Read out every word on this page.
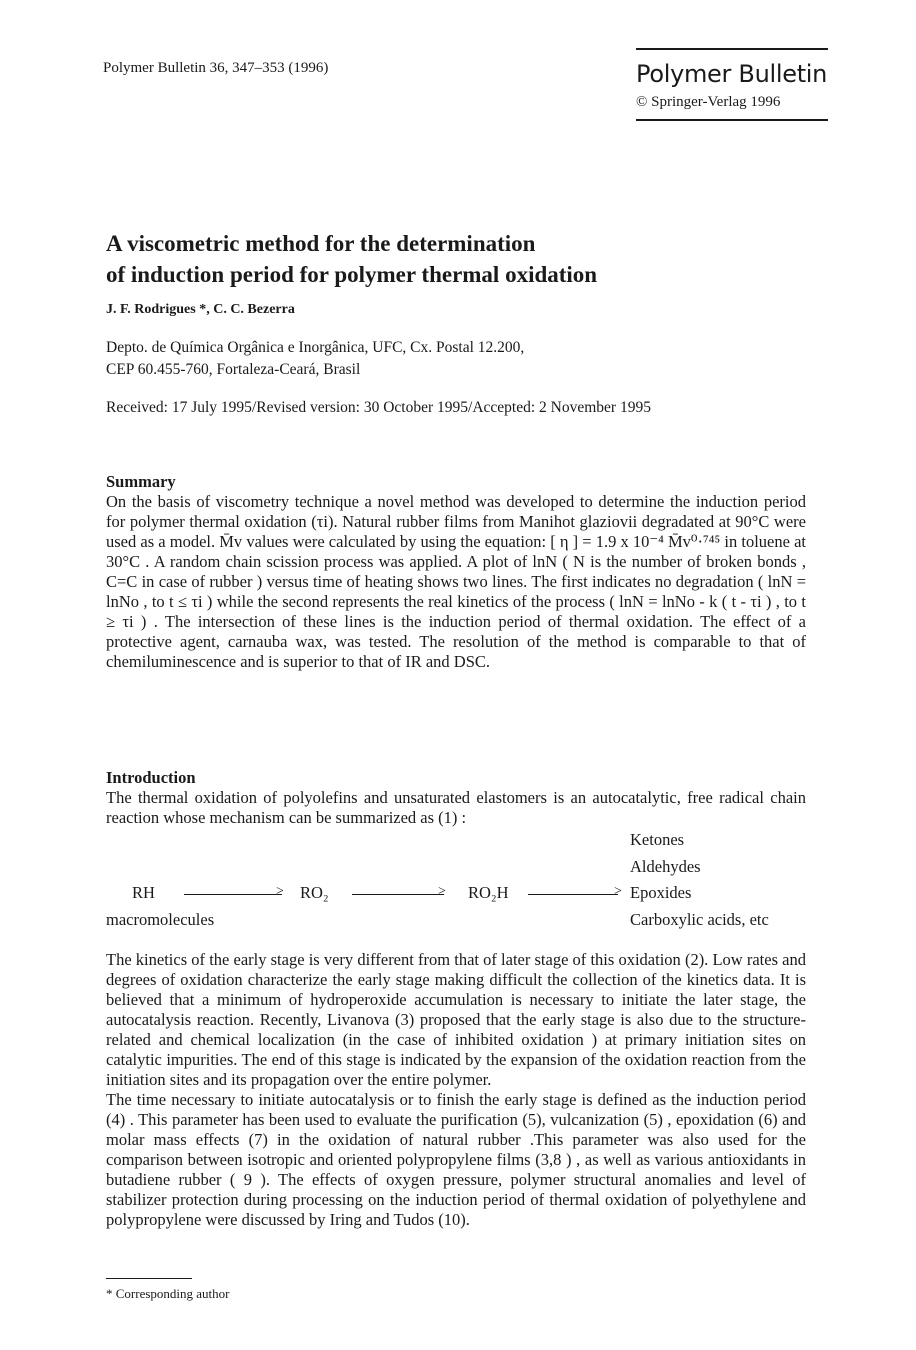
Polymer Bulletin 36, 347–353 (1996)	Polymer Bulletin
© Springer-Verlag 1996
A viscometric method for the determination
of induction period for polymer thermal oxidation
J. F. Rodrigues *, C. C. Bezerra
Depto. de Química Orgânica e Inorgânica, UFC, Cx. Postal 12.200,
CEP 60.455-760, Fortaleza-Ceará, Brasil
Received: 17 July 1995/Revised version: 30 October 1995/Accepted: 2 November 1995
Summary

On the basis of viscometry technique a novel method was developed to determine the induction period for polymer thermal oxidation (τi). Natural rubber films from Manihot glaziovii degradated at 90°C were used as a model. M̄v values were calculated by using the equation: [ η ] = 1.9 x 10⁻⁴ M̄v⁰·⁷⁴⁵ in toluene at 30°C . A random chain scission process was applied. A plot of lnN ( N is the number of broken bonds , C=C in case of rubber ) versus time of heating shows two lines. The first indicates no degradation ( lnN = lnNo , to t ≤ τi ) while the second represents the real kinetics of the process ( lnN = lnNo - k ( t - τi ) , to t ≥ τi ) . The intersection of these lines is the induction period of thermal oxidation. The effect of a protective agent, carnauba wax, was tested. The resolution of the method is comparable to that of chemiluminescence and is superior to that of IR and DSC.

Introduction

The thermal oxidation of polyolefins and unsaturated elastomers is an autocatalytic, free radical chain reaction whose mechanism can be summarized as (1) :

Ketones
Aldehydes
RH	> RO₂	> RO₂H	> Epoxides
macromolecules	Carboxylic acids, etc

The kinetics of the early stage is very different from that of later stage of this oxidation (2). Low rates and degrees of oxidation characterize the early stage making difficult the collection of the kinetics data. It is believed that a minimum of hydroperoxide accumulation is necessary to initiate the later stage, the autocatalysis reaction. Recently, Livanova (3) proposed that the early stage is also due to the structure-related and chemical localization (in the case of inhibited oxidation ) at primary initiation sites on catalytic impurities. The end of this stage is indicated by the expansion of the oxidation reaction from the initiation sites and its propagation over the entire polymer.

The time necessary to initiate autocatalysis or to finish the early stage is defined as the induction period (4) . This parameter has been used to evaluate the purification (5), vulcanization (5) , epoxidation (6) and molar mass effects (7) in the oxidation of natural rubber .This parameter was also used for the comparison between isotropic and oriented polypropylene films (3,8 ) , as well as various antioxidants in butadiene rubber ( 9 ). The effects of oxygen pressure, polymer structural anomalies and level of stabilizer protection during processing on the induction period of thermal oxidation of polyethylene and polypropylene were discussed by Iring and Tudos (10).

* Corresponding author
